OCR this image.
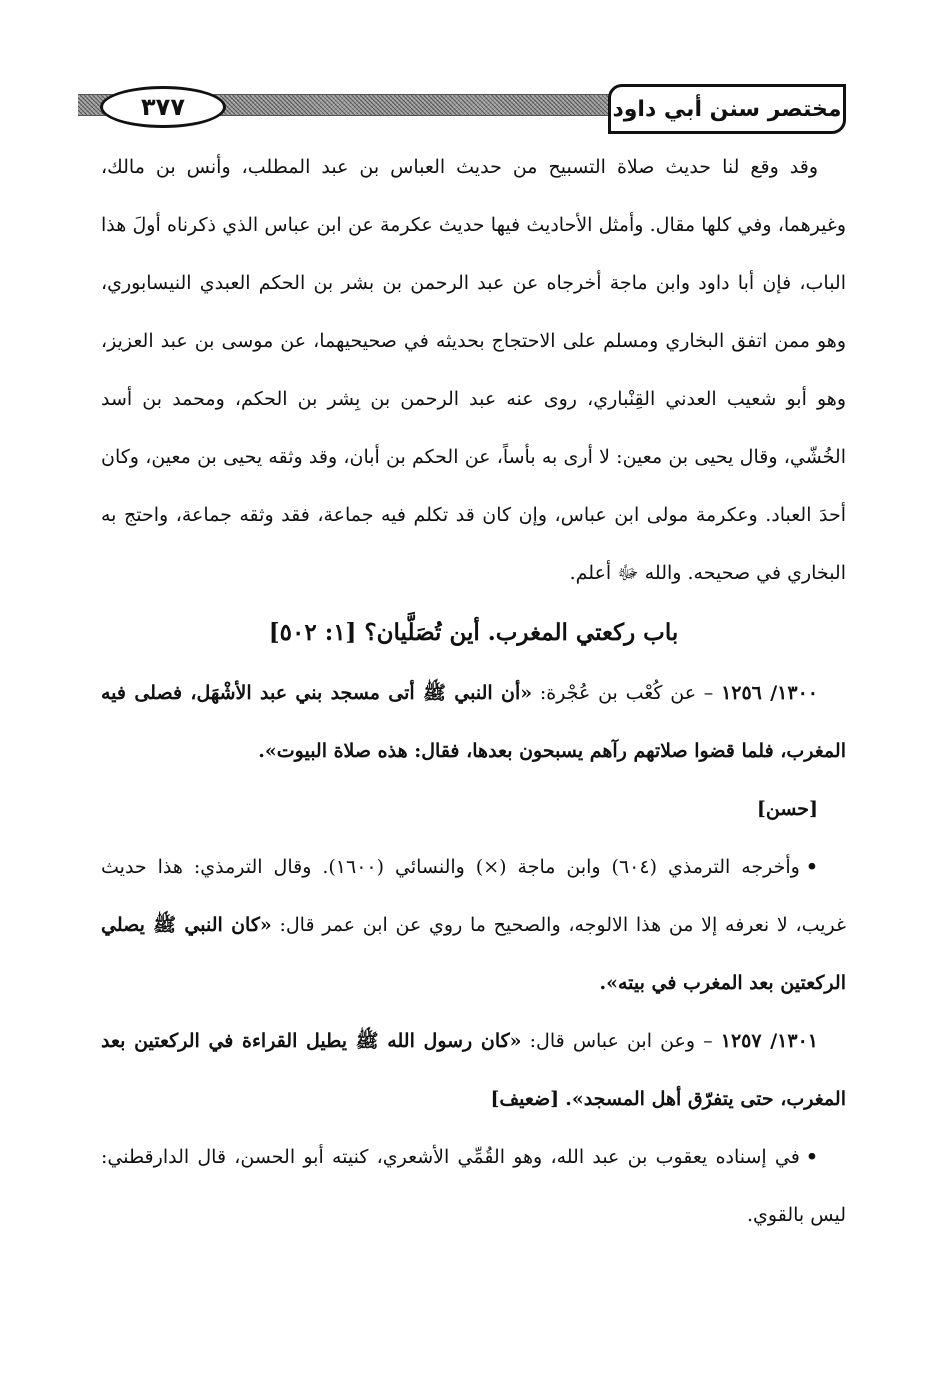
٣٧٧	مختصر سنن أبي داود

وقد وقع لنا حديث صلاة التسبيح من حديث العباس بن عبد المطلب، وأنس بن مالك، وغيرهما، وفي كلها مقال. وأمثل الأحاديث فيها حديث عكرمة عن ابن عباس الذي ذكرناه أولَ هذا الباب، فإن أبا داود وابن ماجة أخرجاه عن عبد الرحمن بن بشر بن الحكم العبدي النيسابوري، وهو ممن اتفق البخاري ومسلم على الاحتجاج بحديثه في صحيحيهما، عن موسى بن عبد العزيز، وهو أبو شعيب العدني القِنْباري، روى عنه عبد الرحمن بن بِشر بن الحكم، ومحمد بن أسد الخُشّي، وقال يحيى بن معين: لا أرى به بأساً، عن الحكم بن أبان، وقد وثقه يحيى بن معين، وكان أحدَ العباد. وعكرمة مولى ابن عباس، وإن كان قد تكلم فيه جماعة، فقد وثقه جماعة، واحتج به البخاري في صحيحه. والله ﷻ أعلم.

باب ركعتي المغرب. أين تُصَلَّيان؟ [١: ٥٠٢]

١٣٠٠/ ١٢٥٦ – عن كُعْب بن عُجْرة: «أن النبي ﷺ أتى مسجد بني عبد الأشْهَل، فصلى فيه المغرب، فلما قضوا صلاتهم رآهم يسبحون بعدها، فقال: هذه صلاة البيوت».
[حسن]

•وأخرجه الترمذي (٦٠٤) وابن ماجة (×) والنسائي (١٦٠٠). وقال الترمذي: هذا حديث غريب، لا نعرفه إلا من هذا الالوجه، والصحيح ما روي عن ابن عمر قال: «كان النبي ﷺ يصلي الركعتين بعد المغرب في بيته».

١٣٠١/ ١٢٥٧ – وعن ابن عباس قال: «كان رسول الله ﷺ يطيل القراءة في الركعتين بعد المغرب، حتى يتفرّق أهل المسجد». [ضعيف]

•في إسناده يعقوب بن عبد الله، وهو القُمِّي الأشعري، كنيته أبو الحسن، قال الدارقطني: ليس بالقوي.
